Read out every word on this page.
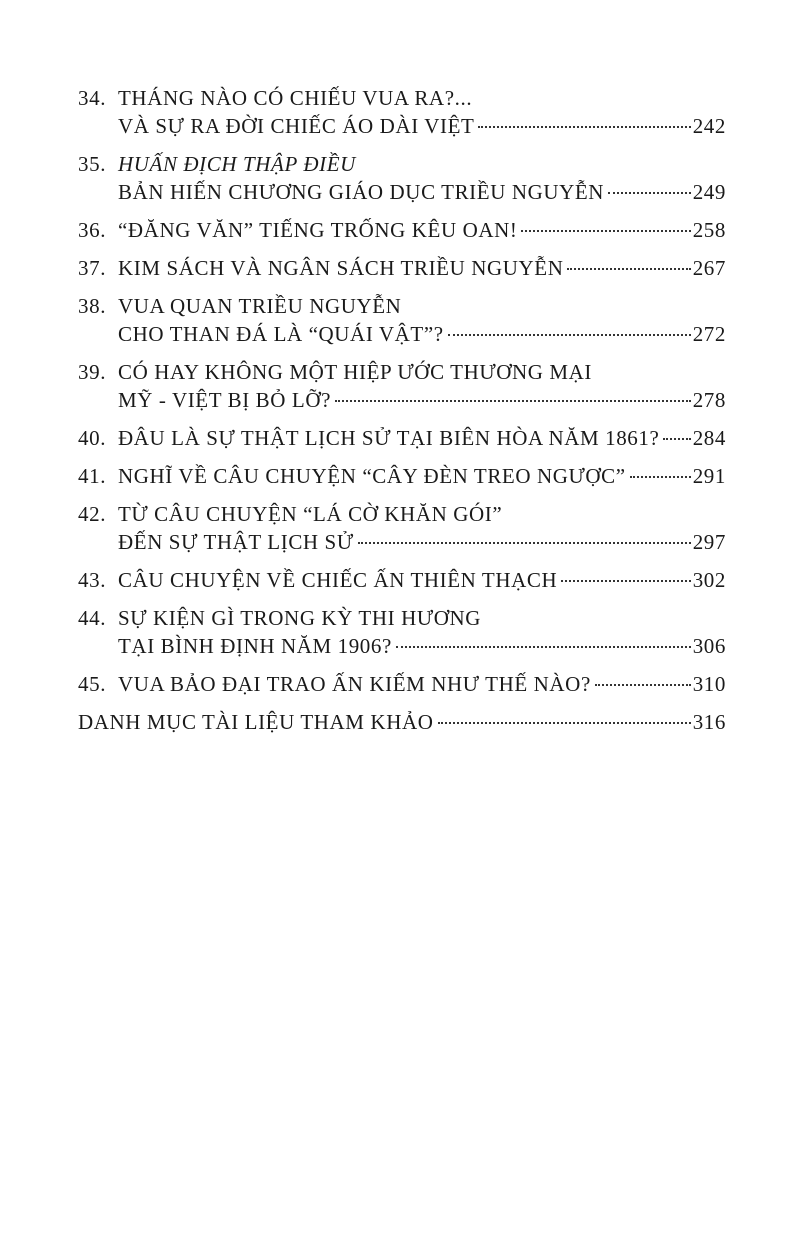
34. THÁNG NÀO CÓ CHIẾU VUA RA?...
VÀ SỰ RA ĐỜI CHIẾC ÁO DÀI VIỆT	242
35. HUẤN ĐỊCH THẬP ĐIỀU
BẢN HIẾN CHƯƠNG GIÁO DỤC TRIỀU NGUYỄN	249
36. “ĐĂNG VĂN” TIẾNG TRỐNG KÊU OAN!	258
37. KIM SÁCH VÀ NGÂN SÁCH TRIỀU NGUYỄN	267
38. VUA QUAN TRIỀU NGUYỄN
CHO THAN ĐÁ LÀ “QUÁI VẬT”?	272
39. CÓ HAY KHÔNG MỘT HIỆP ƯỚC THƯƠNG MẠI
MỸ - VIỆT BỊ BỎ LỠ?	278
40. ĐÂU LÀ SỰ THẬT LỊCH SỬ TẠI BIÊN HÒA NĂM 1861? 284
41. NGHĨ VỀ CÂU CHUYỆN “CÂY ĐÈN TREO NGƯỢC”	291
42. TỪ CÂU CHUYỆN “LÁ CỜ KHĂN GÓI”
ĐẾN SỰ THẬT LỊCH SỬ	297
43. CÂU CHUYỆN VỀ CHIẾC ẤN THIÊN THẠCH	302
44. SỰ KIỆN GÌ TRONG KỲ THI HƯƠNG
TẠI BÌNH ĐỊNH NĂM 1906?	306
45. VUA BẢO ĐẠI TRAO ẤN KIẾM NHƯ THẾ NÀO?	310
DANH MỤC TÀI LIỆU THAM KHẢO	316
